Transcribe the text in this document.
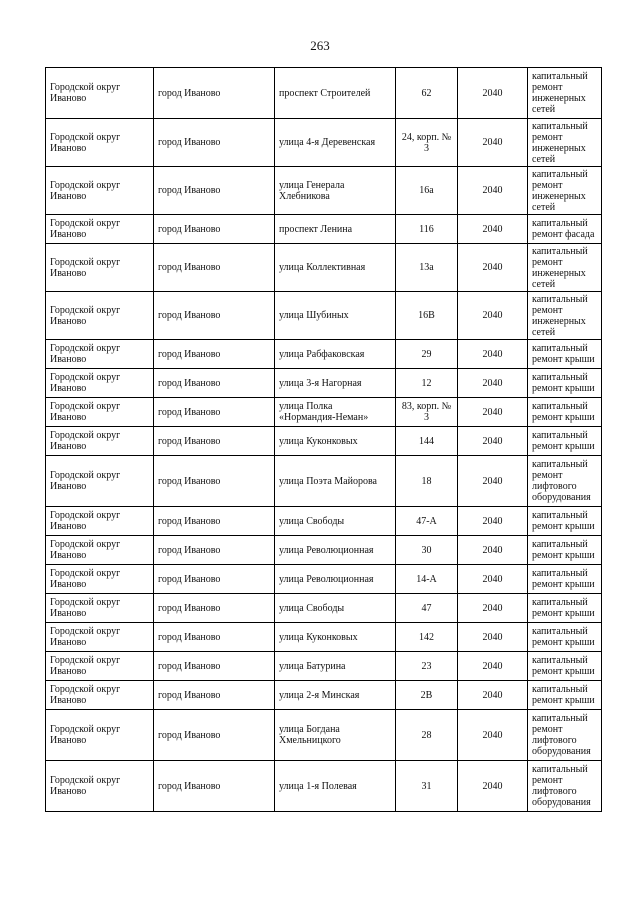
263
Городской округ Иваново	город Иваново	проспект Строителей	62	2040	капитальный ремонт инженерных сетей
Городской округ Иваново	город Иваново	улица 4-я Деревенская	24, корп. № 3	2040	капитальный ремонт инженерных сетей
Городской округ Иваново	город Иваново	улица Генерала Хлебникова	16а	2040	капитальный ремонт инженерных сетей
Городской округ Иваново	город Иваново	проспект Ленина	116	2040	капитальный ремонт фасада
Городской округ Иваново	город Иваново	улица Коллективная	13а	2040	капитальный ремонт инженерных сетей
Городской округ Иваново	город Иваново	улица Шубиных	16В	2040	капитальный ремонт инженерных сетей
Городской округ Иваново	город Иваново	улица Рабфаковская	29	2040	капитальный ремонт крыши
Городской округ Иваново	город Иваново	улица 3-я Нагорная	12	2040	капитальный ремонт крыши
Городской округ Иваново	город Иваново	улица Полка «Нормандия-Неман»	83, корп. № 3	2040	капитальный ремонт крыши
Городской округ Иваново	город Иваново	улица Куконковых	144	2040	капитальный ремонт крыши
Городской округ Иваново	город Иваново	улица Поэта Майорова	18	2040	капитальный ремонт лифтового оборудования
Городской округ Иваново	город Иваново	улица Свободы	47-А	2040	капитальный ремонт крыши
Городской округ Иваново	город Иваново	улица Революционная	30	2040	капитальный ремонт крыши
Городской округ Иваново	город Иваново	улица Революционная	14-А	2040	капитальный ремонт крыши
Городской округ Иваново	город Иваново	улица Свободы	47	2040	капитальный ремонт крыши
Городской округ Иваново	город Иваново	улица Куконковых	142	2040	капитальный ремонт крыши
Городской округ Иваново	город Иваново	улица Батурина	23	2040	капитальный ремонт крыши
Городской округ Иваново	город Иваново	улица 2-я Минская	2В	2040	капитальный ремонт крыши
Городской округ Иваново	город Иваново	улица Богдана Хмельницкого	28	2040	капитальный ремонт лифтового оборудования
Городской округ Иваново	город Иваново	улица 1-я Полевая	31	2040	капитальный ремонт лифтового оборудования
